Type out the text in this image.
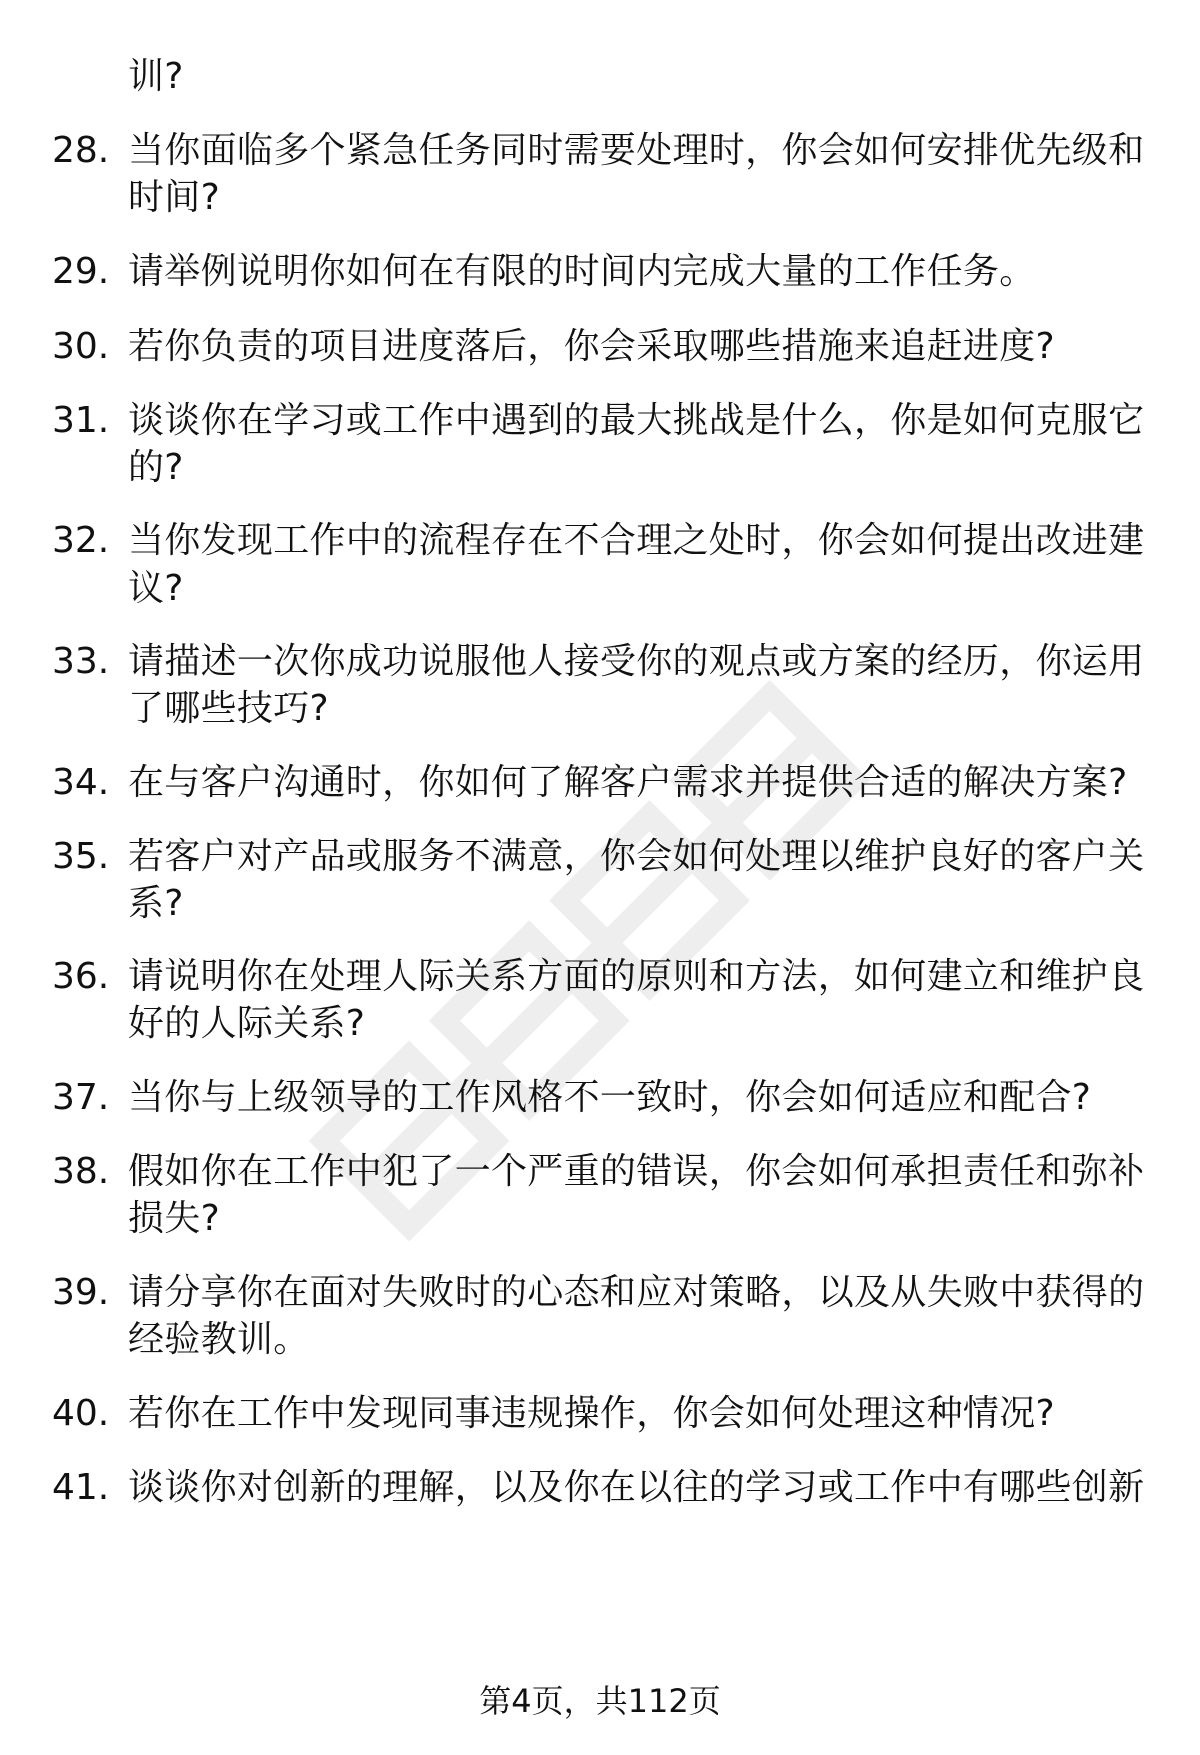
训?
28. 当你面临多个紧急任务同时需要处理时，你会如何安排优先级和
时间?
29. 请举例说明你如何在有限的时间内完成大量的工作任务。
30. 若你负责的项目进度落后，你会采取哪些措施来追赶进度?
31. 谈谈你在学习或工作中遇到的最大挑战是什么，你是如何克服它
的?
32. 当你发现工作中的流程存在不合理之处时，你会如何提出改进建
议?
33. 请描述一次你成功说服他人接受你的观点或方案的经历，你运用
了哪些技巧?
34. 在与客户沟通时，你如何了解客户需求并提供合适的解决方案?
35. 若客户对产品或服务不满意，你会如何处理以维护良好的客户关
系?
36. 请说明你在处理人际关系方面的原则和方法，如何建立和维护良
好的人际关系?
37. 当你与上级领导的工作风格不一致时，你会如何适应和配合?
38. 假如你在工作中犯了一个严重的错误，你会如何承担责任和弥补
损失?
39. 请分享你在面对失败时的心态和应对策略，以及从失败中获得的
经验教训。
40. 若你在工作中发现同事违规操作，你会如何处理这种情况?
41. 谈谈你对创新的理解，以及你在以往的学习或工作中有哪些创新
第4页，共112页
